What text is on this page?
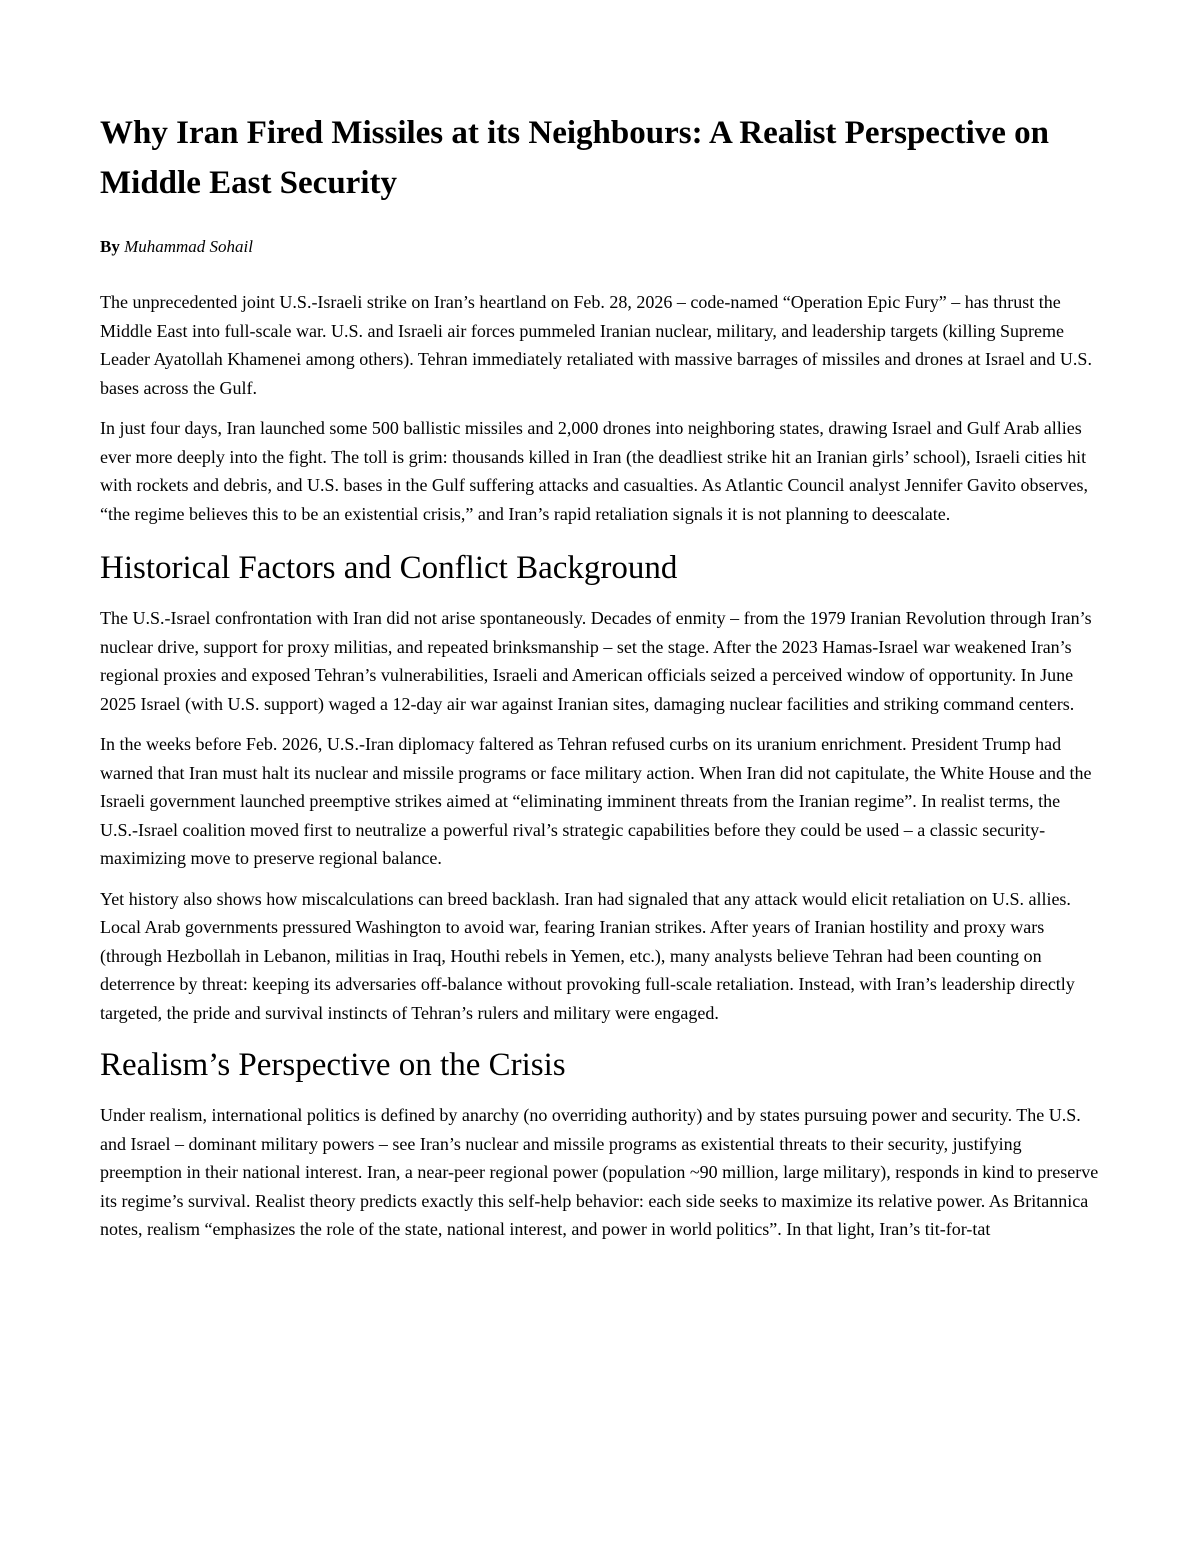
Why Iran Fired Missiles at its Neighbours: A Realist Perspective on Middle East Security

By Muhammad Sohail

The unprecedented joint U.S.-Israeli strike on Iran’s heartland on Feb. 28, 2026 – code-named “Operation Epic Fury” – has thrust the Middle East into full-scale war. U.S. and Israeli air forces pummeled Iranian nuclear, military, and leadership targets (killing Supreme Leader Ayatollah Khamenei among others). Tehran immediately retaliated with massive barrages of missiles and drones at Israel and U.S. bases across the Gulf.

In just four days, Iran launched some 500 ballistic missiles and 2,000 drones into neighboring states, drawing Israel and Gulf Arab allies ever more deeply into the fight. The toll is grim: thousands killed in Iran (the deadliest strike hit an Iranian girls’ school), Israeli cities hit with rockets and debris, and U.S. bases in the Gulf suffering attacks and casualties. As Atlantic Council analyst Jennifer Gavito observes, “the regime believes this to be an existential crisis,” and Iran’s rapid retaliation signals it is not planning to deescalate.

Historical Factors and Conflict Background

The U.S.-Israel confrontation with Iran did not arise spontaneously. Decades of enmity – from the 1979 Iranian Revolution through Iran’s nuclear drive, support for proxy militias, and repeated brinksmanship – set the stage. After the 2023 Hamas-Israel war weakened Iran’s regional proxies and exposed Tehran’s vulnerabilities, Israeli and American officials seized a perceived window of opportunity. In June 2025 Israel (with U.S. support) waged a 12-day air war against Iranian sites, damaging nuclear facilities and striking command centers.

In the weeks before Feb. 2026, U.S.-Iran diplomacy faltered as Tehran refused curbs on its uranium enrichment. President Trump had warned that Iran must halt its nuclear and missile programs or face military action. When Iran did not capitulate, the White House and the Israeli government launched preemptive strikes aimed at “eliminating imminent threats from the Iranian regime”. In realist terms, the U.S.-Israel coalition moved first to neutralize a powerful rival’s strategic capabilities before they could be used – a classic security-maximizing move to preserve regional balance.

Yet history also shows how miscalculations can breed backlash. Iran had signaled that any attack would elicit retaliation on U.S. allies. Local Arab governments pressured Washington to avoid war, fearing Iranian strikes. After years of Iranian hostility and proxy wars (through Hezbollah in Lebanon, militias in Iraq, Houthi rebels in Yemen, etc.), many analysts believe Tehran had been counting on deterrence by threat: keeping its adversaries off-balance without provoking full-scale retaliation. Instead, with Iran’s leadership directly targeted, the pride and survival instincts of Tehran’s rulers and military were engaged.

Realism’s Perspective on the Crisis

Under realism, international politics is defined by anarchy (no overriding authority) and by states pursuing power and security. The U.S. and Israel – dominant military powers – see Iran’s nuclear and missile programs as existential threats to their security, justifying preemption in their national interest. Iran, a near-peer regional power (population ~90 million, large military), responds in kind to preserve its regime’s survival. Realist theory predicts exactly this self-help behavior: each side seeks to maximize its relative power. As Britannica notes, realism “emphasizes the role of the state, national interest, and power in world politics”. In that light, Iran’s tit-for-tat
